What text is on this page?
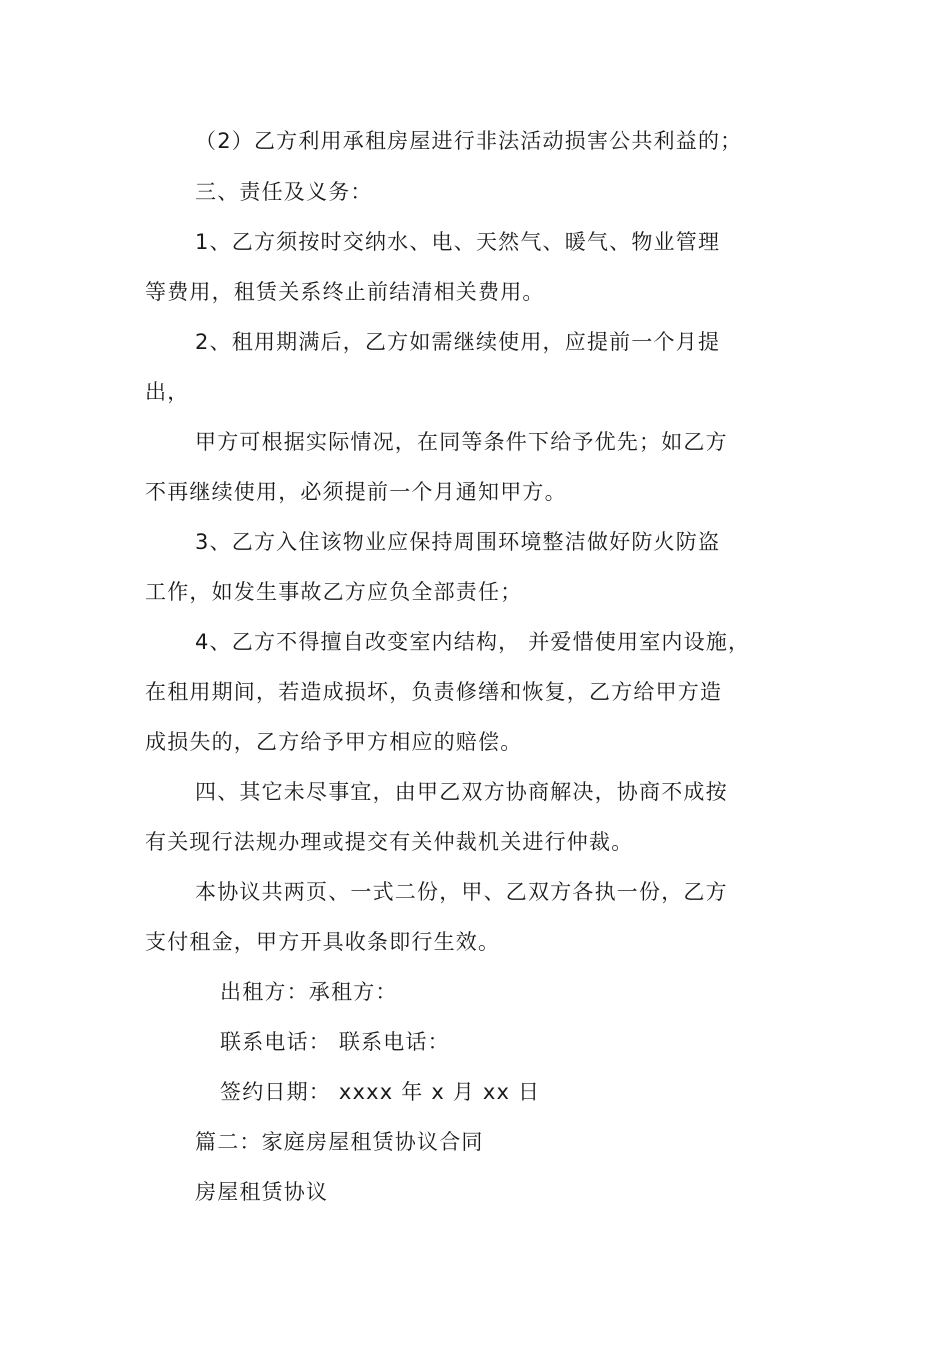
（2）乙方利用承租房屋进行非法活动损害公共利益的；
三、责任及义务：
1、乙方须按时交纳水、电、天然气、暖气、物业管理
等费用，租赁关系终止前结清相关费用。
2、租用期满后，乙方如需继续使用，应提前一个月提
出，
甲方可根据实际情况，在同等条件下给予优先；如乙方
不再继续使用，必须提前一个月通知甲方。
3、乙方入住该物业应保持周围环境整洁做好防火防盗
工作，如发生事故乙方应负全部责任；
4、乙方不得擅自改变室内结构， 并爱惜使用室内设施，
在租用期间，若造成损坏，负责修缮和恢复，乙方给甲方造
成损失的，乙方给予甲方相应的赔偿。
四、其它未尽事宜，由甲乙双方协商解决，协商不成按
有关现行法规办理或提交有关仲裁机关进行仲裁。
本协议共两页、一式二份，甲、乙双方各执一份，乙方
支付租金，甲方开具收条即行生效。
出租方：承租方：
联系电话： 联系电话：
签约日期： xxxx 年 x 月 xx 日
篇二：家庭房屋租赁协议合同
房屋租赁协议
